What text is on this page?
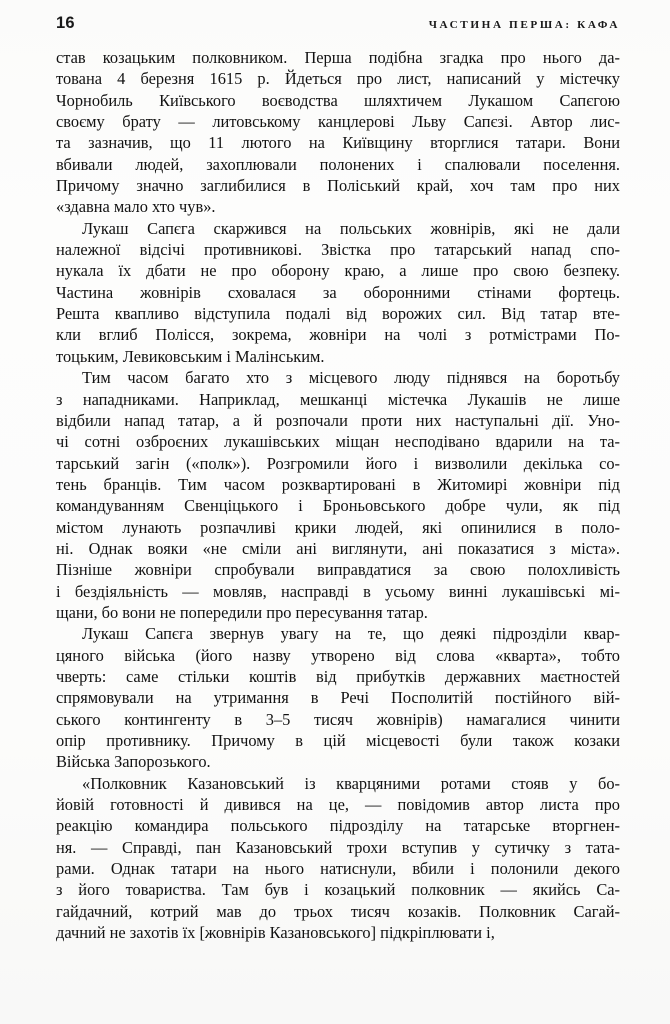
16	ЧАСТИНА ПЕРША: КАФА
став козацьким полковником. Перша подібна згадка про нього да-
тована 4 березня 1615 р. Йдеться про лист, написаний у містечку
Чорнобиль Київського воєводства шляхтичем Лукашом Сапєгою
своєму брату — литовському канцлерові Льву Сапєзі. Автор лис-
та зазначив, що 11 лютого на Київщину вторглися татари. Вони
вбивали людей, захоплювали полонених і спалювали поселення.
Причому значно заглибилися в Поліський край, хоч там про них
«здавна мало хто чув».
Лукаш Сапєга скаржився на польських жовнірів, які не дали
належної відсічі противникові. Звістка про татарський напад спо-
нукала їх дбати не про оборону краю, а лише про свою безпеку.
Частина жовнірів сховалася за оборонними стінами фортець.
Решта квапливо відступила подалі від ворожих сил. Від татар вте-
кли вглиб Полісся, зокрема, жовніри на чолі з ротмістрами По-
тоцьким, Левиковським і Малінським.
Тим часом багато хто з місцевого люду піднявся на боротьбу
з нападниками. Наприклад, мешканці містечка Лукашів не лише
відбили напад татар, а й розпочали проти них наступальні дії. Уно-
чі сотні озброєних лукашівських міщан несподівано вдарили на та-
тарський загін («полк»). Розгромили його і визволили декілька со-
тень бранців. Тим часом розквартировані в Житомирі жовніри під
командуванням Свенціцького і Броньовського добре чули, як під
містом лунають розпачливі крики людей, які опинилися в поло-
ні. Однак вояки «не сміли ані виглянути, ані показатися з міста».
Пізніше жовніри спробували виправдатися за свою полохливість
і бездіяльність — мовляв, насправді в усьому винні лукашівські мі-
щани, бо вони не попередили про пересування татар.
Лукаш Сапєга звернув увагу на те, що деякі підрозділи квар-
цяного війська (його назву утворено від слова «кварта», тобто
чверть: саме стільки коштів від прибутків державних маєтностей
спрямовували на утримання в Речі Посполитій постійного вій-
ського контингенту в 3–5 тисяч жовнірів) намагалися чинити
опір противнику. Причому в цій місцевості були також козаки
Війська Запорозького.
«Полковник Казановський із кварцяними ротами стояв у бо-
йовій готовності й дивився на це, — повідомив автор листа про
реакцію командира польського підрозділу на татарське вторгнен-
ня. — Справді, пан Казановський трохи вступив у сутичку з тата-
рами. Однак татари на нього натиснули, вбили і полонили декого
з його товариства. Там був і козацький полковник — якийсь Са-
гайдачний, котрий мав до трьох тисяч козаків. Полковник Сагай-
дачний не захотів їх [жовнірів Казановського] підкріплювати і,
